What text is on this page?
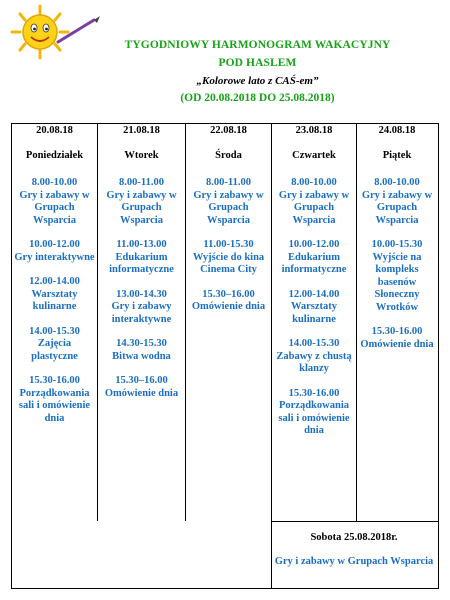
TYGODNIOWY HARMONOGRAM WAKACYJNY
POD HASLEM
„Kolorowe lato z CAŚ-em”
(OD 20.08.2018 DO 25.08.2018)
20.08.18
Poniedziałek
8.00-10.00
Gry i zabawy w Grupach Wsparcia
10.00-12.00
Gry interaktywne
12.00-14.00
Warsztaty kulinarne
14.00-15.30
Zajęcia plastyczne
15.30-16.00
Porządkowania sali i omówienie dnia
21.08.18
Wtorek
8.00-11.00
Gry i zabawy w Grupach Wsparcia
11.00-13.00
Edukarium informatyczne
13.00-14.30
Gry i zabawy interaktywne
14.30-15.30
Bitwa wodna
15.30–16.00
Omówienie dnia
22.08.18
Środa
8.00-11.00
Gry i zabawy w Grupach Wsparcia
11.00-15.30
Wyjście do kina Cinema City
15.30–16.00
Omówienie dnia
23.08.18
Czwartek
8.00-10.00
Gry i zabawy w Grupach Wsparcia
10.00-12.00
Edukarium informatyczne
12.00-14.00
Warsztaty kulinarne
14.00-15.30
Zabawy z chustą klanzy
15.30-16.00
Porządkowania sali i omówienie dnia
24.08.18
Piątek
8.00-10.00
Gry i zabawy w Grupach Wsparcia
10.00-15.30
Wyjście na kompleks basenów Słoneczny Wrotków
15.30-16.00
Omówienie dnia
Sobota 25.08.2018r.
Gry i zabawy w Grupach Wsparcia
